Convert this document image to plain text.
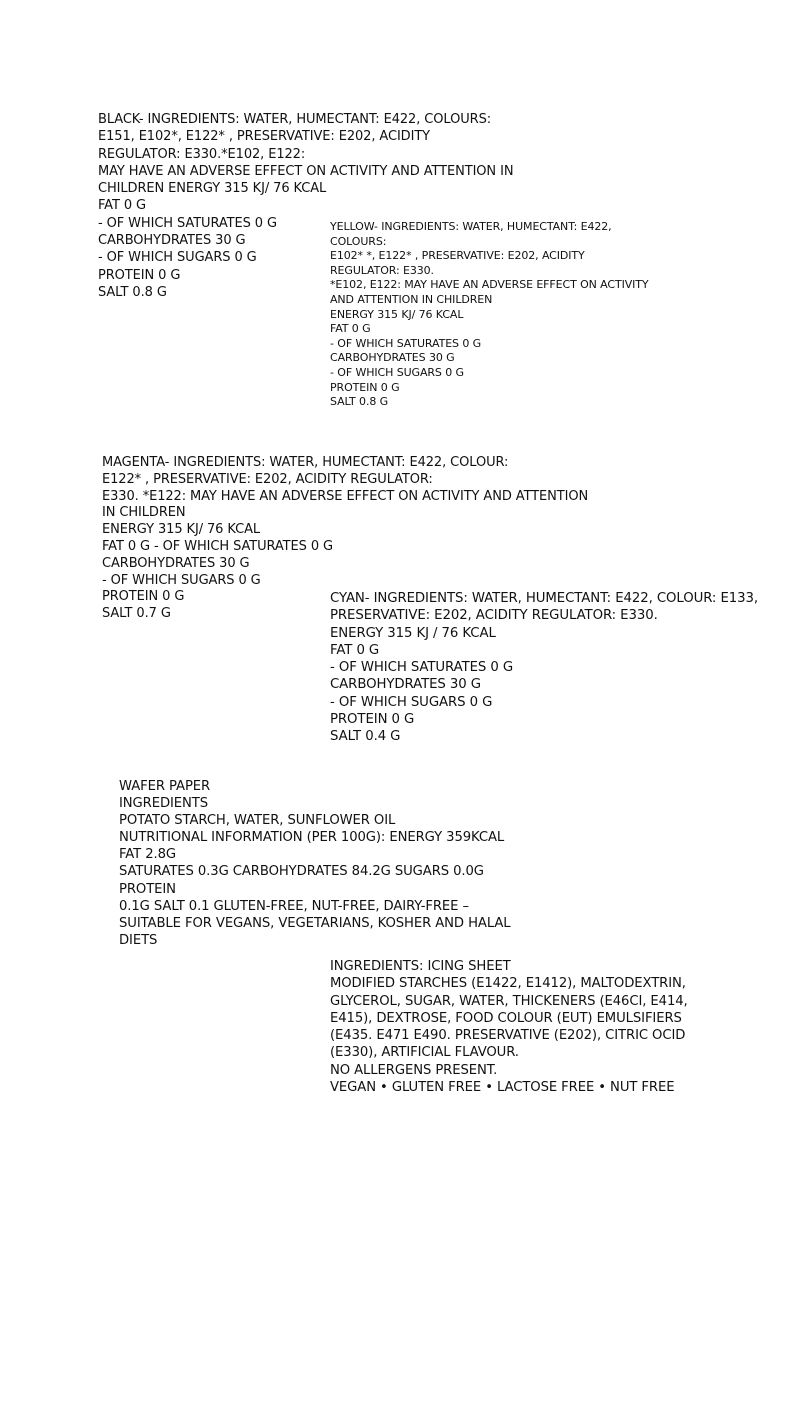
BLACK- INGREDIENTS: WATER, HUMECTANT: E422, COLOURS:
E151, E102*, E122* , PRESERVATIVE: E202, ACIDITY
REGULATOR: E330.*E102, E122:
MAY HAVE AN ADVERSE EFFECT ON ACTIVITY AND ATTENTION IN
CHILDREN ENERGY 315 KJ/ 76 KCAL
FAT 0 G
- OF WHICH SATURATES 0 G
CARBOHYDRATES 30 G
- OF WHICH SUGARS 0 G
PROTEIN 0 G
SALT 0.8 G
YELLOW- INGREDIENTS: WATER, HUMECTANT: E422,
COLOURS:
E102* *, E122* , PRESERVATIVE: E202, ACIDITY
REGULATOR: E330.
*E102, E122: MAY HAVE AN ADVERSE EFFECT ON ACTIVITY
AND ATTENTION IN CHILDREN
ENERGY 315 KJ/ 76 KCAL
FAT 0 G
- OF WHICH SATURATES 0 G
CARBOHYDRATES 30 G
- OF WHICH SUGARS 0 G
PROTEIN 0 G
SALT 0.8 G
MAGENTA- INGREDIENTS: WATER, HUMECTANT: E422, COLOUR:
E122* , PRESERVATIVE: E202, ACIDITY REGULATOR:
E330. *E122: MAY HAVE AN ADVERSE EFFECT ON ACTIVITY AND ATTENTION
IN CHILDREN
ENERGY 315 KJ/ 76 KCAL
FAT 0 G - OF WHICH SATURATES 0 G
CARBOHYDRATES 30 G
- OF WHICH SUGARS 0 G
PROTEIN 0 G
SALT 0.7 G
CYAN- INGREDIENTS: WATER, HUMECTANT: E422, COLOUR: E133,
PRESERVATIVE: E202, ACIDITY REGULATOR: E330.
ENERGY 315 KJ / 76 KCAL
FAT 0 G
- OF WHICH SATURATES 0 G
CARBOHYDRATES 30 G
- OF WHICH SUGARS 0 G
PROTEIN 0 G
SALT 0.4 G
WAFER PAPER
INGREDIENTS
POTATO STARCH, WATER, SUNFLOWER OIL
NUTRITIONAL INFORMATION (PER 100G): ENERGY 359KCAL
FAT 2.8G
SATURATES 0.3G CARBOHYDRATES 84.2G SUGARS 0.0G
PROTEIN
0.1G SALT 0.1 GLUTEN-FREE, NUT-FREE, DAIRY-FREE –
SUITABLE FOR VEGANS, VEGETARIANS, KOSHER AND HALAL
DIETS
INGREDIENTS: ICING SHEET
MODIFIED STARCHES (E1422, E1412), MALTODEXTRIN,
GLYCEROL, SUGAR, WATER, THICKENERS (E46CI, E414,
E415), DEXTROSE, FOOD COLOUR (EUT) EMULSIFIERS
(E435. E471 E490. PRESERVATIVE (E202), CITRIC OCID
(E330), ARTIFICIAL FLAVOUR.
NO ALLERGENS PRESENT.
VEGAN • GLUTEN FREE • LACTOSE FREE • NUT FREE
